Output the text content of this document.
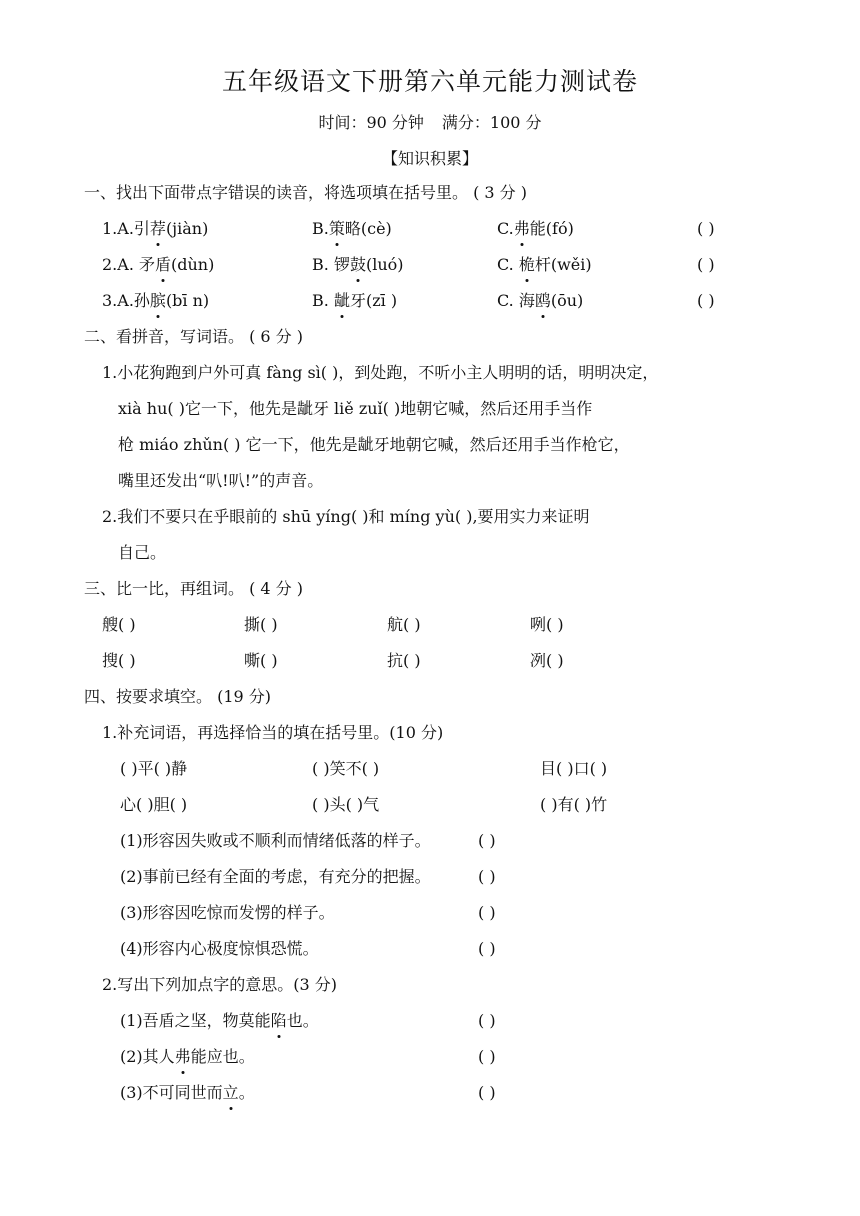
五年级语文下册第六单元能力测试卷
时间：90 分钟 满分：100 分
【知识积累】
一、找出下面带点字错误的读音，将选项填在括号里。 ( 3 分 )
1.A.引荐(jiàn)	B.策略(cè)	C.弗能(fó)	( )
2.A. 矛盾(dùn)	B. 锣鼓(luó)	C. 桅杆(wěi)	( )
3.A.孙膑(bī n)	B. 龇牙(zī )	C. 海鸥(ōu)	( )
二、看拼音，写词语。 ( 6 分 )
1.小花狗跑到户外可真 fàng sì( )，到处跑，不听小主人明明的话，明明决定，
xià hu( )它一下，他先是龇牙 liě zuǐ( )地朝它喊，然后还用手当作
枪 miáo zhǔn( ) 它一下，他先是龇牙地朝它喊，然后还用手当作枪它，
嘴里还发出“叭!叭!”的声音。
2.我们不要只在乎眼前的 shū yíng( )和 míng yù( ),要用实力来证明
自己。
三、比一比，再组词。 ( 4 分 )
艘( )	撕( )	航( )	咧( )
搜( )	嘶( )	抗( )	冽( )
四、按要求填空。 (19 分)
1.补充词语，再选择恰当的填在括号里。(10 分)
( )平( )静	( )笑不( )	目( )口( )
心( )胆( )	( )头( )气	( )有( )竹
(1)形容因失败或不顺利而情绪低落的样子。	( )
(2)事前已经有全面的考虑，有充分的把握。	( )
(3)形容因吃惊而发愣的样子。	( )
(4)形容内心极度惊惧恐慌。	( )
2.写出下列加点字的意思。(3 分)
(1)吾盾之坚，物莫能陷也。	( )
(2)其人弗能应也。	( )
(3)不可同世而立。	( )
